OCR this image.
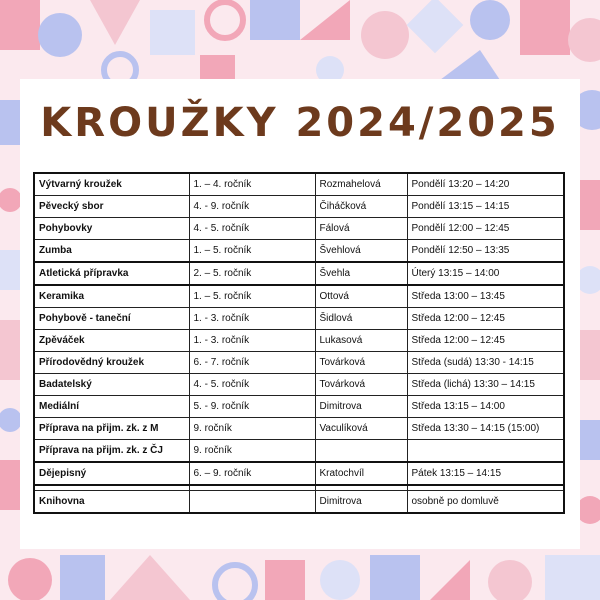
KROUŽKY 2024/2025
Výtvarný kroužek	1. – 4. ročník	Rozmahelová	Pondělí 13:20 – 14:20
Pěvecký sbor	4. - 9. ročník	Čiháčková	Pondělí 13:15 – 14:15
Pohybovky	4. - 5. ročník	Fálová	Pondělí 12:00 – 12:45
Zumba	1. – 5. ročník	Švehlová	Pondělí 12:50 – 13:35
Atletická přípravka	2. – 5. ročník	Švehla	Úterý 13:15 – 14:00
Keramika	1. – 5. ročník	Ottová	Středa 13:00 – 13:45
Pohybově - taneční	1. - 3. ročník	Šidlová	Středa 12:00 – 12:45
Zpěváček	1. - 3. ročník	Lukasová	Středa 12:00 – 12:45
Přírodovědný kroužek	6. - 7. ročník	Továrková	Středa (sudá) 13:30 - 14:15
Badatelský	4. - 5. ročník	Továrková	Středa (lichá) 13:30 – 14:15
Mediální	5. - 9. ročník	Dimitrova	Středa 13:15 – 14:00
Příprava na přijm. zk. z M	9. ročník	Vaculíková	Středa 13:30 – 14:15 (15:00)
Příprava na přijm. zk. z ČJ	9. ročník		
Dějepisný	6. – 9. ročník	Kratochvíl	Pátek 13:15 – 14:15

Knihovna		Dimitrova	osobně po domluvě
